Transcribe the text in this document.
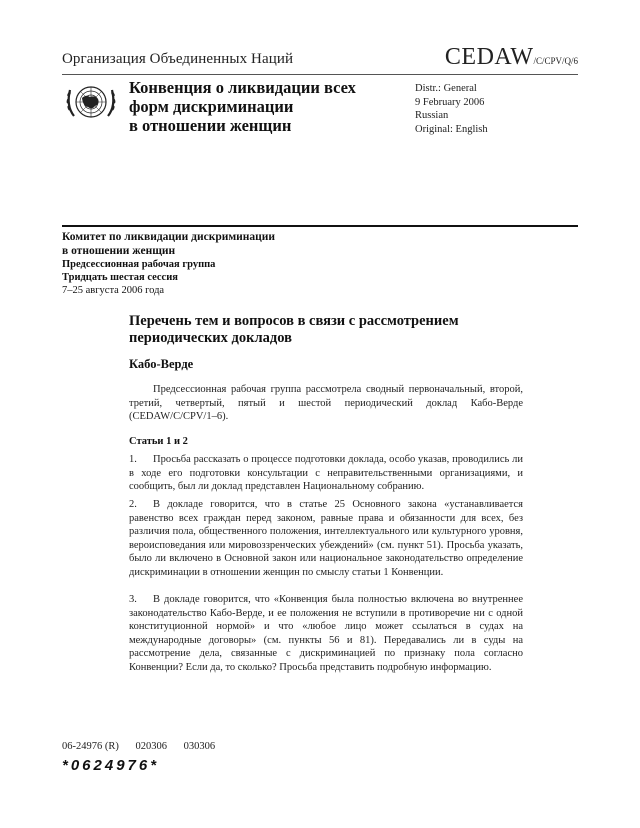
Организация Объединенных Наций	CEDAW/C/CPV/Q/6
Конвенция о ликвидации всех
форм дискриминации
в отношении женщин
Distr.: General
9 February 2006
Russian
Original: English
Комитет по ликвидации дискриминации
в отношении женщин
Предсессионная рабочая группа
Тридцать шестая сессия
7–25 августа 2006 года
Перечень тем и вопросов в связи с рассмотрением
периодических докладов
Кабо-Верде
Предсессионная рабочая группа рассмотрела сводный первоначальный, второй, третий, четвертый, пятый и шестой периодический доклад Кабо-Верде (CEDAW/C/CPV/1–6).
Статьи 1 и 2
1. Просьба рассказать о процессе подготовки доклада, особо указав, проводились ли в ходе его подготовки консультации с неправительственными организациями, и сообщить, был ли доклад представлен Национальному собранию.
2. В докладе говорится, что в статье 25 Основного закона «устанавливается равенство всех граждан перед законом, равные права и обязанности для всех, без различия пола, общественного положения, интеллектуального или культурного уровня, вероисповедания или мировоззренческих убеждений» (см. пункт 51). Просьба указать, было ли включено в Основной закон или национальное законодательство определение дискриминации в отношении женщин по смыслу статьи 1 Конвенции.
3. В докладе говорится, что «Конвенция была полностью включена во внутреннее законодательство Кабо-Верде, и ее положения не вступили в противоречие ни с одной конституционной нормой» и что «любое лицо может ссылаться в судах на международные договоры» (см. пункты 56 и 81). Передавались ли в суды на рассмотрение дела, связанные с дискриминацией по признаку пола согласно Конвенции? Если да, то сколько? Просьба представить подробную информацию.
06-24976 (R) 020306 030306
*0624976*
